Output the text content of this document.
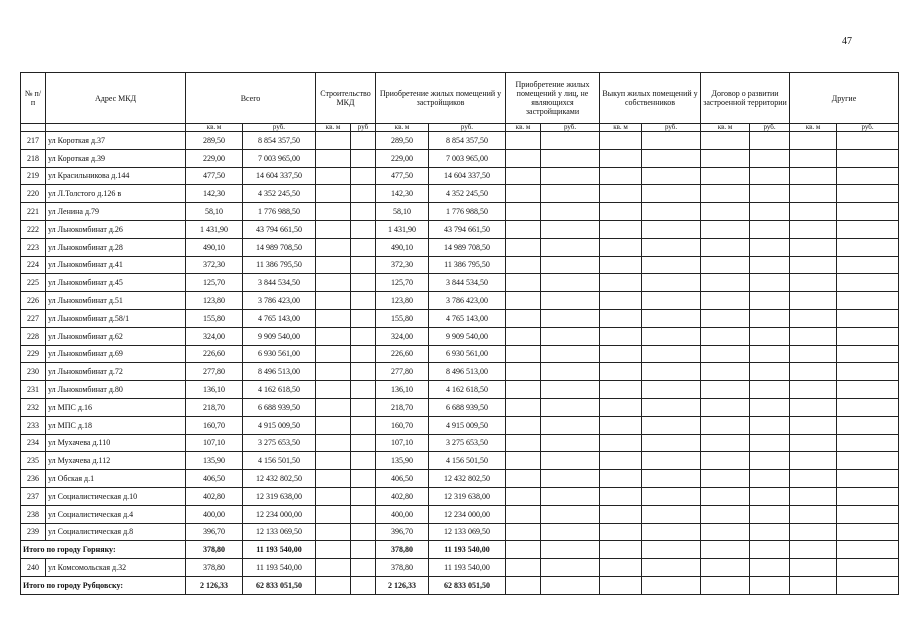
47
№ п/п	Адрес МКД	Всего		Строительство МКД		Приобретение жилых помещений у застройщиков		Приобретение жилых помещений у лиц, не являющихся застройщиками		Выкуп жилых помещений у собственников		Договор о развитии застроенной территории		Другие	
		кв. м	руб.	кв. м	руб	кв. м	руб.	кв. м	руб.	кв. м	руб.	кв. м	руб.	кв. м	руб.
217	ул Короткая д.37	289,50	8 854 357,50			289,50	8 854 357,50								
218	ул Короткая д.39	229,00	7 003 965,00			229,00	7 003 965,00								
219	ул Красильникова д.144	477,50	14 604 337,50			477,50	14 604 337,50								
220	ул Л.Толстого д.126 в	142,30	4 352 245,50			142,30	4 352 245,50								
221	ул Ленина д.79	58,10	1 776 988,50			58,10	1 776 988,50								
222	ул Льнокомбинат д.26	1 431,90	43 794 661,50			1 431,90	43 794 661,50								
223	ул Льнокомбинат д.28	490,10	14 989 708,50			490,10	14 989 708,50								
224	ул Льнокомбинат д.41	372,30	11 386 795,50			372,30	11 386 795,50								
225	ул Льнокомбинат д.45	125,70	3 844 534,50			125,70	3 844 534,50								
226	ул Льнокомбинат д.51	123,80	3 786 423,00			123,80	3 786 423,00								
227	ул Льнокомбинат д.58/1	155,80	4 765 143,00			155,80	4 765 143,00								
228	ул Льнокомбинат д.62	324,00	9 909 540,00			324,00	9 909 540,00								
229	ул Льнокомбинат д.69	226,60	6 930 561,00			226,60	6 930 561,00								
230	ул Льнокомбинат д.72	277,80	8 496 513,00			277,80	8 496 513,00								
231	ул Льнокомбинат д.80	136,10	4 162 618,50			136,10	4 162 618,50								
232	ул МПС д.16	218,70	6 688 939,50			218,70	6 688 939,50								
233	ул МПС д.18	160,70	4 915 009,50			160,70	4 915 009,50								
234	ул Мухачева д.110	107,10	3 275 653,50			107,10	3 275 653,50								
235	ул Мухачева д.112	135,90	4 156 501,50			135,90	4 156 501,50								
236	ул Обская д.1	406,50	12 432 802,50			406,50	12 432 802,50								
237	ул Социалистическая д.10	402,80	12 319 638,00			402,80	12 319 638,00								
238	ул Социалистическая д.4	400,00	12 234 000,00			400,00	12 234 000,00								
239	ул Социалистическая д.8	396,70	12 133 069,50			396,70	12 133 069,50								
Итого по городу Горняку:		378,80	11 193 540,00			378,80	11 193 540,00								
240	ул Комсомольская д.32	378,80	11 193 540,00			378,80	11 193 540,00								
Итого по городу Рубцовску:		2 126,33	62 833 051,50			2 126,33	62 833 051,50								
